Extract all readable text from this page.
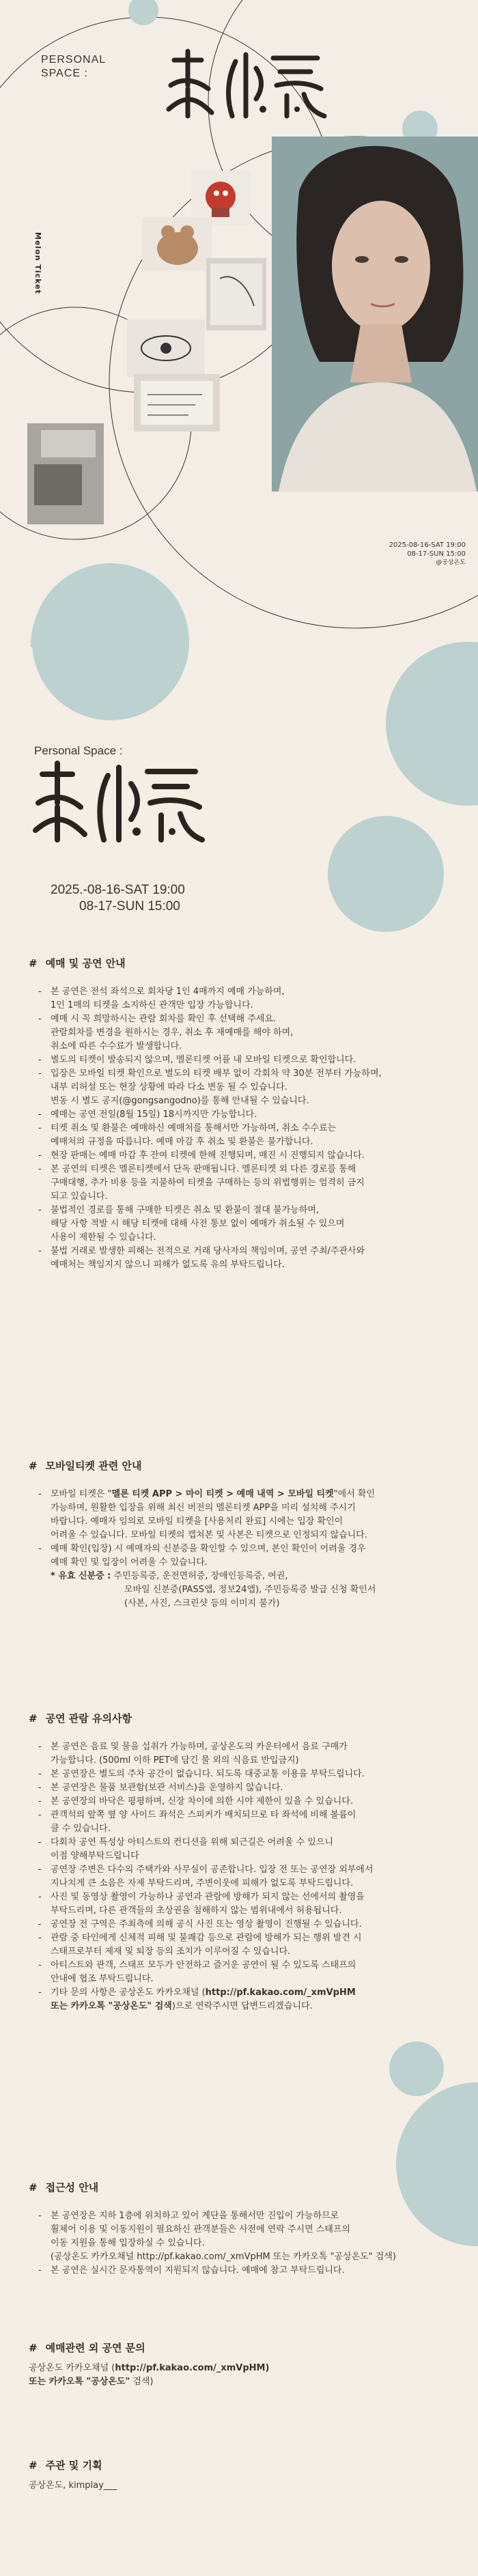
PERSONAL
SPACE :
Melon Ticket
2025-08-16-SAT 19:00
08-17-SUN 15:00
@공상온도
Personal Space :
2025.-08-16-SAT 19:00
08-17-SUN 15:00
# 예매 및 공연 안내
- 본 공연은 전석 좌석으로 회차당 1인 4매까지 예매 가능하며,
1인 1매의 티켓을 소지하신 관객만 입장 가능합니다.
- 예매 시 꼭 희망하시는 관람 회차를 확인 후 선택해 주세요.
관람회차를 변경을 원하시는 경우, 취소 후 재예매를 해야 하며,
취소에 따른 수수료가 발생합니다.
- 별도의 티켓이 발송되지 않으며, 멜론티켓 어플 내 모바일 티켓으로 확인합니다.
- 입장은 모바일 티켓 확인으로 별도의 티켓 배부 없이 각회차 약 30분 전부터 가능하며,
내부 리허설 또는 현장 상황에 따라 다소 변동 될 수 있습니다.
변동 시 별도 공지(@gongsangodno)를 통해 안내될 수 있습니다.
- 예매는 공연 전일(8월 15일) 18시까지만 가능합니다.
- 티켓 취소 및 환불은 예매하신 예매처를 통해서만 가능하며, 취소 수수료는
예매처의 규정을 따릅니다. 예매 마감 후 취소 및 환불은 불가합니다.
- 현장 판매는 예매 마감 후 잔여 티켓에 한해 진행되며, 매진 시 진행되지 않습니다.
- 본 공연의 티켓은 멜론티켓에서 단독 판매됩니다. 멜론티켓 외 다른 경로를 통해
구매대행, 추가 비용 등을 지불하여 티켓을 구매하는 등의 위법행위는 엄격히 금지
되고 있습니다.
- 불법적인 경로를 통해 구매한 티켓은 취소 및 환불이 절대 불가능하며,
해당 사항 적발 시 해당 티켓에 대해 사전 통보 없이 예매가 취소될 수 있으며
사용이 제한될 수 있습니다.
- 불법 거래로 발생한 피해는 전적으로 거래 당사자의 책임이며, 공연 주최/주관사와
예매처는 책임지지 않으니 피해가 없도록 유의 부탁드립니다.
# 모바일티켓 관련 안내
- 모바일 티켓은 "멜론 티켓 APP > 마이 티켓 > 예매 내역 > 모바일 티켓"에서 확인
가능하며, 원활한 입장을 위해 최신 버전의 멜론티켓 APP을 미리 설치해 주시기
바랍니다. 예매자 임의로 모바일 티켓을 [사용처리 완료] 시에는 입장 확인이
어려울 수 있습니다. 모바일 티켓의 캡쳐본 및 사본은 티켓으로 인정되지 않습니다.
- 예매 확인(입장) 시 예매자의 신분증을 확인할 수 있으며, 본인 확인이 어려울 경우
예매 확인 및 입장이 어려울 수 있습니다.
* 유효 신분증 : 주민등록증, 운전면허증, 장애인등록증, 여권,
모바일 신분증(PASS앱, 정보24앱), 주민등록증 발급 신청 확인서
(사본, 사진, 스크린샷 등의 이미지 불가)
# 공연 관람 유의사항
- 본 공연은 음료 및 물을 섭취가 가능하며, 공상온도의 카운터에서 음료 구매가
가능합니다. (500ml 이하 PET에 담긴 물 외의 식음료 반입금지)
- 본 공연장은 별도의 주차 공간이 없습니다. 되도록 대중교통 이용을 부탁드립니다.
- 본 공연장은 물품 보관함(보관 서비스)을 운영하지 않습니다.
- 본 공연장의 바닥은 평평하며, 신장 차이에 의한 시야 제한이 있을 수 있습니다.
- 관객석의 앞쪽 옆 양 사이드 좌석은 스피커가 배치되므로 타 좌석에 비해 볼륨이
클 수 있습니다.
- 다회차 공연 특성상 아티스트의 컨디션을 위해 퇴근길은 어려울 수 있으니
이점 양해부탁드립니다
- 공연장 주변은 다수의 주택가와 사무실이 공존합니다. 입장 전 또는 공연장 외부에서
지나치게 큰 소음은 자제 부탁드리며, 주변이웃에 피해가 없도록 부탁드립니다.
- 사진 및 동영상 촬영이 가능하나 공연과 관람에 방해가 되지 않는 선에서의 촬영을
부탁드리며, 다른 관객들의 초상권을 침해하지 않는 범위내에서 허용됩니다.
- 공연장 전 구역은 주최측에 의해 공식 사진 또는 영상 촬영이 진행될 수 있습니다.
- 관람 중 타인에게 신체적 피해 및 불쾌감 등으로 관람에 방해가 되는 행위 발견 시
스태프로부터 제재 및 퇴장 등의 조치가 이루어질 수 있습니다.
- 아티스트와 관객, 스태프 모두가 안전하고 즐거운 공연이 될 수 있도록 스태프의
안내에 협조 부탁드립니다.
- 기타 문의 사항은 공상온도 카카오채널 (http://pf.kakao.com/_xmVpHM
또는 카카오톡 "공상온도" 검색)으로 연락주시면 답변드리겠습니다.
# 접근성 안내
- 본 공연장은 지하 1층에 위치하고 있어 계단을 통해서만 진입이 가능하므로
휠체어 이용 및 이동지원이 필요하신 관객분들은 사전에 연락 주시면 스태프의
이동 지원을 통해 입장하실 수 있습니다.
(공상온도 카카오채널 http://pf.kakao.com/_xmVpHM 또는 카카오톡 "공상온도" 검색)
- 본 공연은 실시간 문자통역이 지원되지 않습니다. 예매에 참고 부탁드립니다.
# 예매관련 외 공연 문의
공상온도 카카오채널 (http://pf.kakao.com/_xmVpHM)
또는 카카오톡 "공상온도" 검색)
# 주관 및 기획
공상온도, kimplay___
